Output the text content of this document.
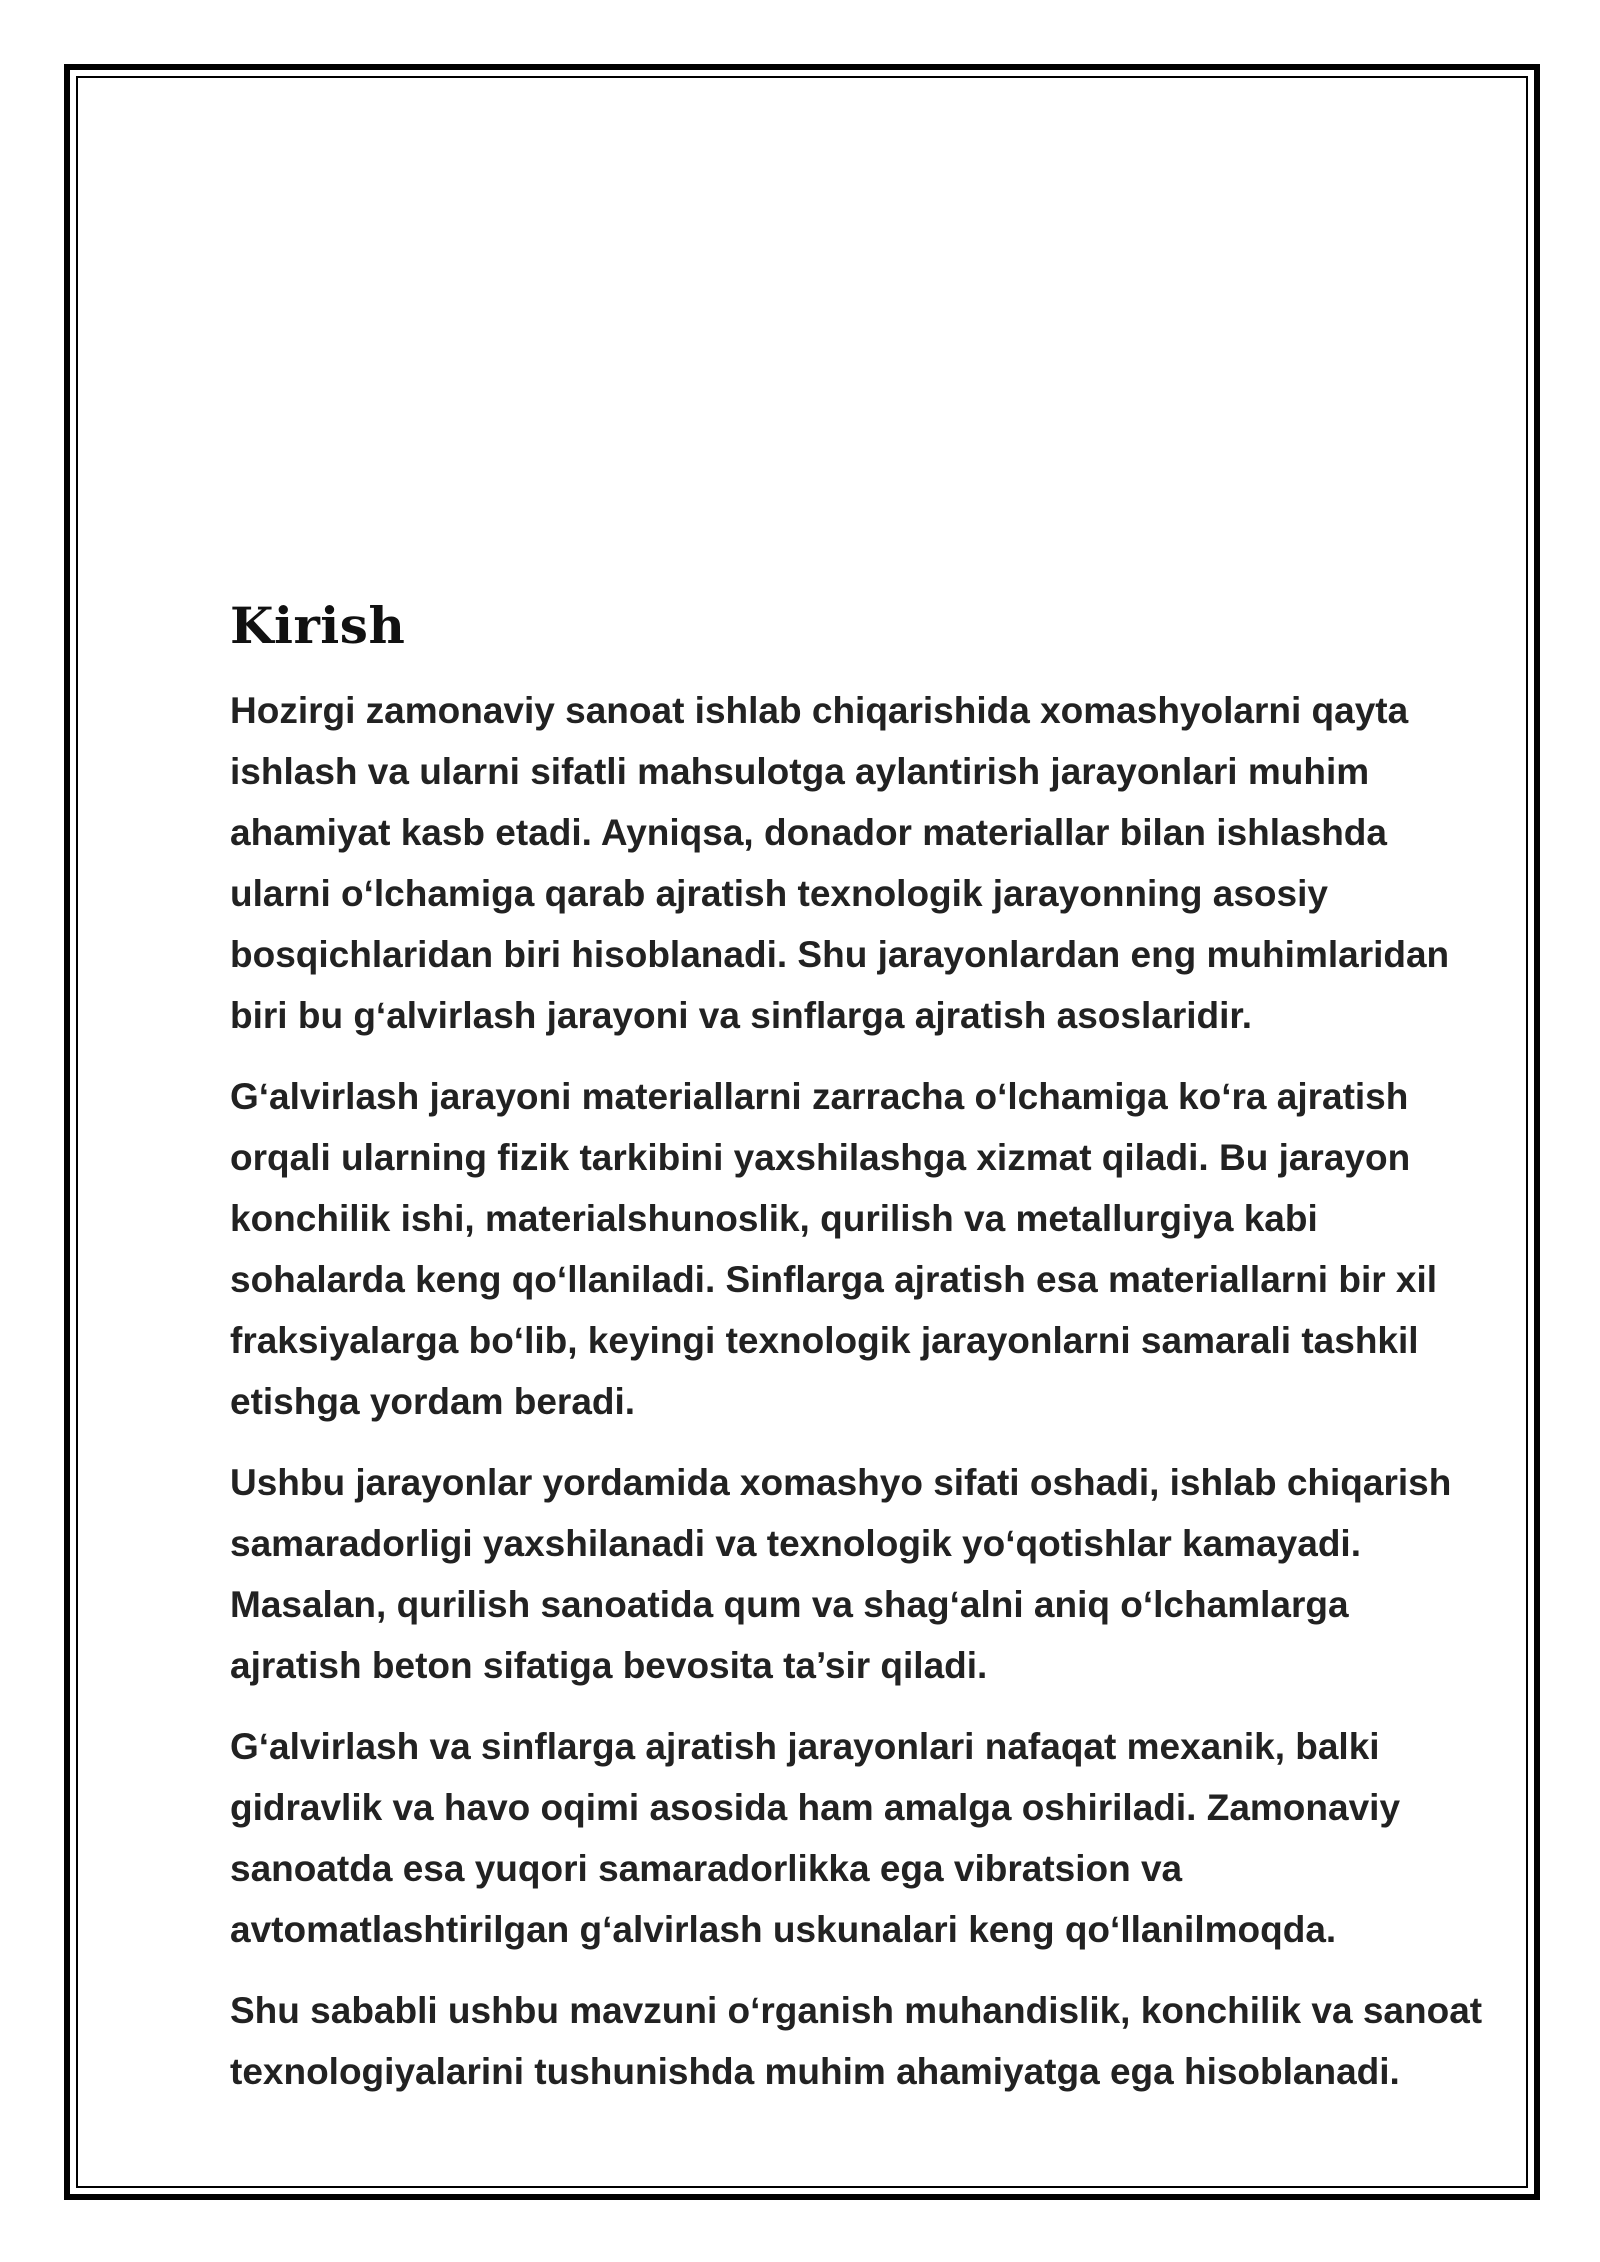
Kirish

Hozirgi zamonaviy sanoat ishlab chiqarishida xomashyolarni qayta
ishlash va ularni sifatli mahsulotga aylantirish jarayonlari muhim
ahamiyat kasb etadi. Ayniqsa, donador materiallar bilan ishlashda
ularni o‘lchamiga qarab ajratish texnologik jarayonning asosiy
bosqichlaridan biri hisoblanadi. Shu jarayonlardan eng muhimlaridan
biri bu g‘alvirlash jarayoni va sinflarga ajratish asoslaridir.

G‘alvirlash jarayoni materiallarni zarracha o‘lchamiga ko‘ra ajratish
orqali ularning fizik tarkibini yaxshilashga xizmat qiladi. Bu jarayon
konchilik ishi, materialshunoslik, qurilish va metallurgiya kabi
sohalarda keng qo‘llaniladi. Sinflarga ajratish esa materiallarni bir xil
fraksiyalarga bo‘lib, keyingi texnologik jarayonlarni samarali tashkil
etishga yordam beradi.

Ushbu jarayonlar yordamida xomashyo sifati oshadi, ishlab chiqarish
samaradorligi yaxshilanadi va texnologik yo‘qotishlar kamayadi.
Masalan, qurilish sanoatida qum va shag‘alni aniq o‘lchamlarga
ajratish beton sifatiga bevosita ta’sir qiladi.

G‘alvirlash va sinflarga ajratish jarayonlari nafaqat mexanik, balki
gidravlik va havo oqimi asosida ham amalga oshiriladi. Zamonaviy
sanoatda esa yuqori samaradorlikka ega vibratsion va
avtomatlashtirilgan g‘alvirlash uskunalari keng qo‘llanilmoqda.

Shu sababli ushbu mavzuni o‘rganish muhandislik, konchilik va sanoat
texnologiyalarini tushunishda muhim ahamiyatga ega hisoblanadi.
